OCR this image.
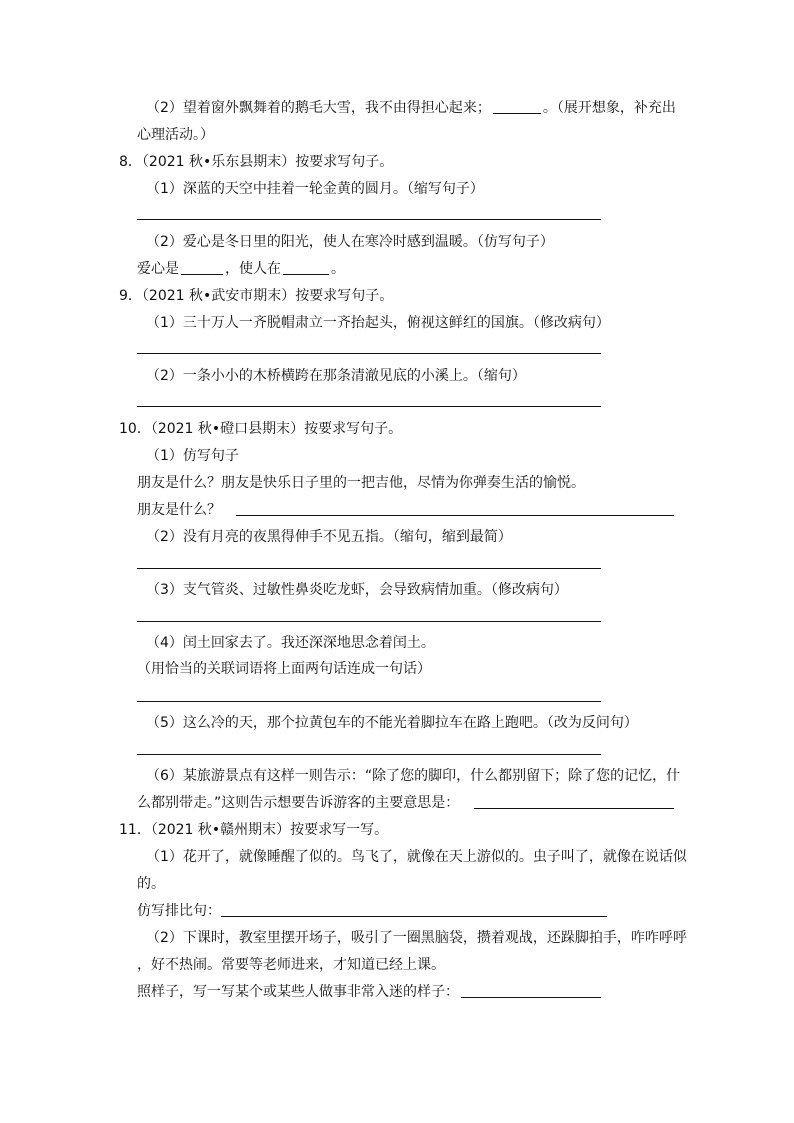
（2）望着窗外飘舞着的鹅毛大雪，我不由得担心起来；	。（展开想象，补充出
心理活动。）
8．（2021 秋•乐东县期末）按要求写句子。
（1）深蓝的天空中挂着一轮金黄的圆月。（缩写句子）
（2）爱心是冬日里的阳光，使人在寒冷时感到温暖。（仿写句子）
爱心是	，使人在	。
9．（2021 秋•武安市期末）按要求写句子。
（1）三十万人一齐脱帽肃立一齐抬起头，俯视这鲜红的国旗。（修改病句）
（2）一条小小的木桥横跨在那条清澈见底的小溪上。（缩句）
10．（2021 秋•磴口县期末）按要求写句子。
（1）仿写句子
朋友是什么？朋友是快乐日子里的一把吉他，尽情为你弹奏生活的愉悦。
朋友是什么？
（2）没有月亮的夜黑得伸手不见五指。（缩句，缩到最简）
（3）支气管炎、过敏性鼻炎吃龙虾，会导致病情加重。（修改病句）
（4）闰土回家去了。我还深深地思念着闰土。
（用恰当的关联词语将上面两句话连成一句话）
（5）这么冷的天，那个拉黄包车的不能光着脚拉车在路上跑吧。（改为反问句）
（6）某旅游景点有这样一则告示：“除了您的脚印，什么都别留下；除了您的记忆，什
么都别带走。”这则告示想要告诉游客的主要意思是：
11．（2021 秋•赣州期末）按要求写一写。
（1）花开了，就像睡醒了似的。鸟飞了，就像在天上游似的。虫子叫了，就像在说话似
的。
仿写排比句：
（2）下课时，教室里摆开场子，吸引了一圈黑脑袋，攒着观战，还跺脚拍手，咋咋呼呼
，好不热闹。常要等老师进来，才知道已经上课。
照样子，写一写某个或某些人做事非常入迷的样子：
